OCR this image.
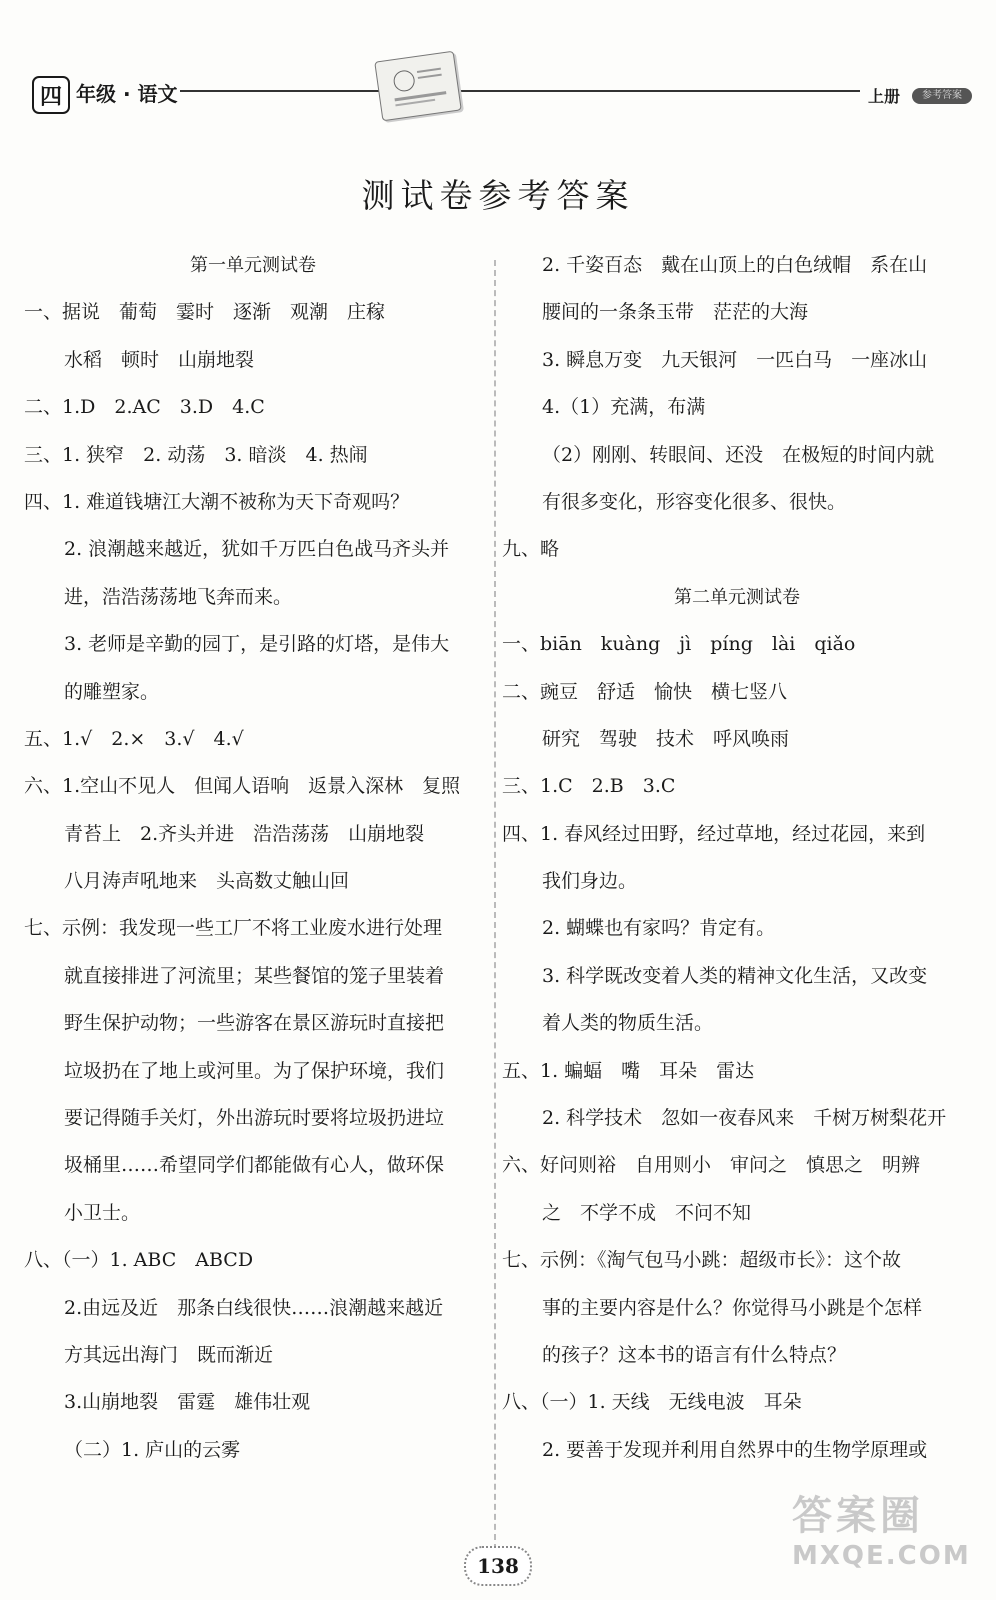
四 年级 · 语文	上册	参考答案
测试卷参考答案
第一单元测试卷
一、据说　葡萄　霎时　逐渐　观潮　庄稼
水稻　顿时　山崩地裂
二、1.D　2.AC　3.D　4.C
三、1. 狭窄　2. 动荡　3. 暗淡　4. 热闹
四、1. 难道钱塘江大潮不被称为天下奇观吗？
2. 浪潮越来越近，犹如千万匹白色战马齐头并
进，浩浩荡荡地飞奔而来。
3. 老师是辛勤的园丁，是引路的灯塔，是伟大
的雕塑家。
五、1.√　2.×　3.√　4.√
六、1.空山不见人　但闻人语响　返景入深林　复照
青苔上　2.齐头并进　浩浩荡荡　山崩地裂
八月涛声吼地来　头高数丈触山回
七、示例：我发现一些工厂不将工业废水进行处理
就直接排进了河流里；某些餐馆的笼子里装着
野生保护动物；一些游客在景区游玩时直接把
垃圾扔在了地上或河里。为了保护环境，我们
要记得随手关灯，外出游玩时要将垃圾扔进垃
圾桶里……希望同学们都能做有心人，做环保
小卫士。
八、（一）1. ABC　ABCD
2.由远及近　那条白线很快……浪潮越来越近
方其远出海门　既而渐近
3.山崩地裂　雷霆　雄伟壮观
（二）1. 庐山的云雾
2. 千姿百态　戴在山顶上的白色绒帽　系在山
腰间的一条条玉带　茫茫的大海
3. 瞬息万变　九天银河　一匹白马　一座冰山
4.（1）充满，布满
（2）刚刚、转眼间、还没　在极短的时间内就
有很多变化，形容变化很多、很快。
九、略
第二单元测试卷
一、biān　kuàng　jì　píng　lài　qiǎo
二、豌豆　舒适　愉快　横七竖八
研究　驾驶　技术　呼风唤雨
三、1.C　2.B　3.C
四、1. 春风经过田野，经过草地，经过花园，来到
我们身边。
2. 蝴蝶也有家吗？肯定有。
3. 科学既改变着人类的精神文化生活，又改变
着人类的物质生活。
五、1. 蝙蝠　嘴　耳朵　雷达
2. 科学技术　忽如一夜春风来　千树万树梨花开
六、好问则裕　自用则小　审问之　慎思之　明辨
之　不学不成　不问不知
七、示例：《淘气包马小跳：超级市长》：这个故
事的主要内容是什么？你觉得马小跳是个怎样
的孩子？这本书的语言有什么特点？
八、（一）1. 天线　无线电波　耳朵
2. 要善于发现并利用自然界中的生物学原理或
138
答案圈
MXQE.COM
